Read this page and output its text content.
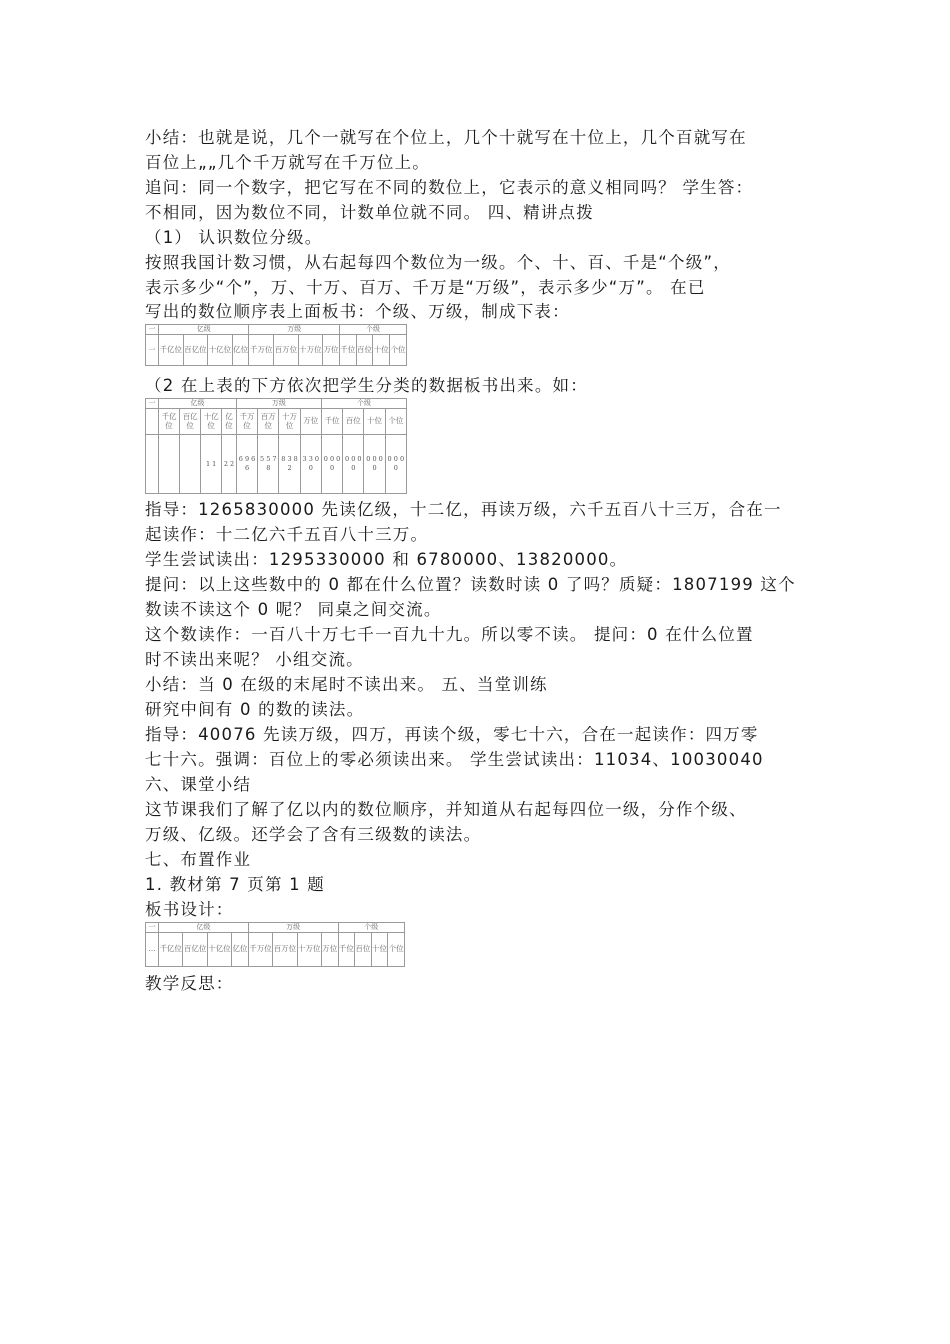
小结：也就是说，几个一就写在个位上，几个十就写在十位上，几个百就写在
百位上„„几个千万就写在千万位上。
追问：同一个数字，把它写在不同的数位上，它表示的意义相同吗？ 学生答：
不相同，因为数位不同，计数单位就不同。 四、精讲点拨
（1） 认识数位分级。
按照我国计数习惯，从右起每四个数位为一级。个、十、百、千是“个级”，
表示多少“个”，万、十万、百万、千万是“万级”，表示多少“万”。 在已
写出的数位顺序表上面板书：个级、万级，制成下表：
一	亿级				万级				个级			
一	千亿位	百亿位	十亿位	亿位	千万位	百万位	十万位	万位	千位	百位	十位	个位
（2 在上表的下方依次把学生分类的数据板书出来。如：
一	亿级				万级				个级			
	千亿位	百亿位	十亿位	亿位	千万位	百万位	十万位	万位	千位	百位	十位	个位
			1 1	2 2	6 9 6 6	5 5 7 8	8 3 8 2	3 3 0 0	0 0 0 0	0 0 0 0	0 0 0 0	0 0 0 0
指导：1265830000 先读亿级，十二亿，再读万级，六千五百八十三万，合在一
起读作：十二亿六千五百八十三万。
学生尝试读出：1295330000 和 6780000、13820000。
提问：以上这些数中的 0 都在什么位置？读数时读 0 了吗？质疑：1807199 这个
数读不读这个 0 呢？ 同桌之间交流。
这个数读作：一百八十万七千一百九十九。所以零不读。 提问：0 在什么位置
时不读出来呢？ 小组交流。
小结：当 0 在级的末尾时不读出来。 五、当堂训练
研究中间有 0 的数的读法。
指导：40076 先读万级，四万，再读个级，零七十六，合在一起读作：四万零
七十六。强调：百位上的零必须读出来。 学生尝试读出：11034、10030040
六、课堂小结
这节课我们了解了亿以内的数位顺序，并知道从右起每四位一级，分作个级、
万级、亿级。还学会了含有三级数的读法。
七、布置作业
1. 教材第 7 页第 1 题
板书设计：
一	亿级				万级				个级			
…	千亿位	百亿位	十亿位	亿位	千万位	百万位	十万位	万位	千位	百位	十位	个位
教学反思：
